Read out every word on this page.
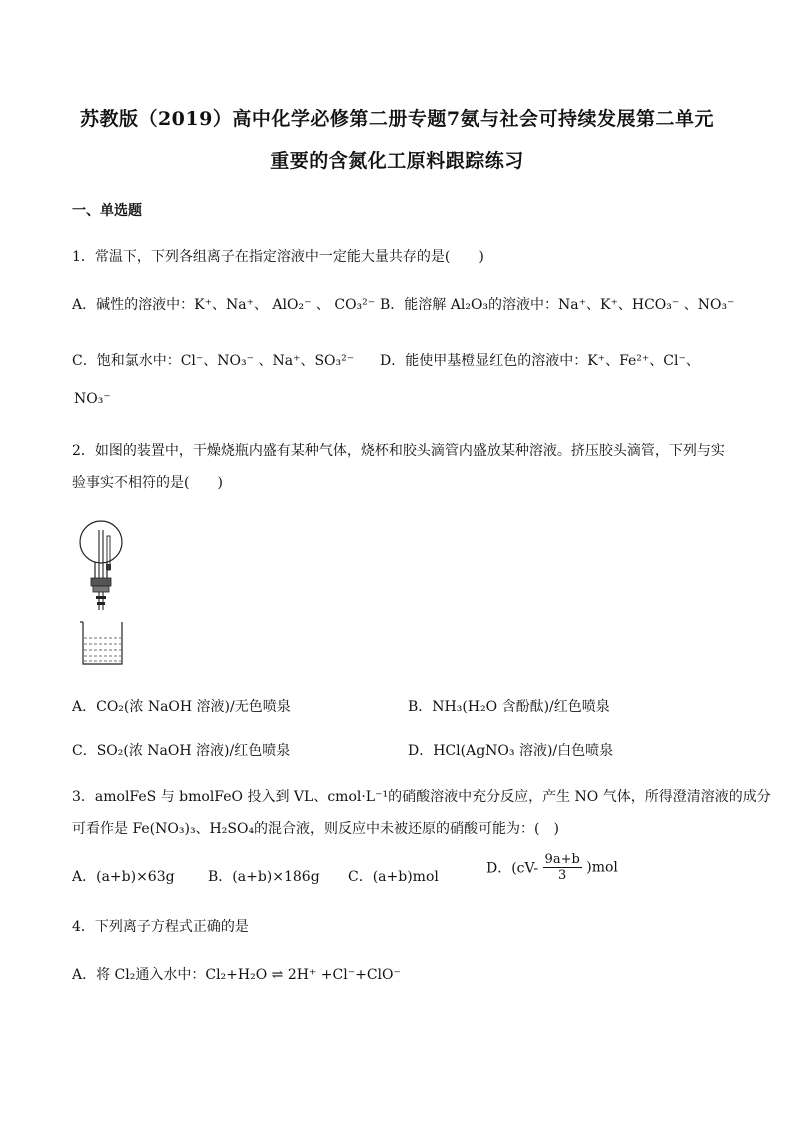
苏教版（2019）高中化学必修第二册专题7氨与社会可持续发展第二单元
重要的含氮化工原料跟踪练习
一、单选题
1．常温下，下列各组离子在指定溶液中一定能大量共存的是(　　)
A．碱性的溶液中：K⁺、Na⁺、 AlO₂⁻ 、 CO₃²⁻ B．能溶解 Al₂O₃的溶液中：Na⁺、K⁺、HCO₃⁻ 、NO₃⁻
C．饱和氯水中：Cl⁻、NO₃⁻ 、Na⁺、SO₃²⁻ D．能使甲基橙显红色的溶液中：K⁺、Fe²⁺、Cl⁻、
NO₃⁻
2．如图的装置中，干燥烧瓶内盛有某种气体，烧杯和胶头滴管内盛放某种溶液。挤压胶头滴管，下列与实
验事实不相符的是(　　)
A．CO₂(浓 NaOH 溶液)/无色喷泉	B．NH₃(H₂O 含酚酞)/红色喷泉
C．SO₂(浓 NaOH 溶液)/红色喷泉	D．HCl(AgNO₃ 溶液)/白色喷泉
3．amolFeS 与 bmolFeO 投入到 VL、cmol·L⁻¹的硝酸溶液中充分反应，产生 NO 气体，所得澄清溶液的成分
可看作是 Fe(NO₃)₃、H₂SO₄的混合液，则反应中未被还原的硝酸可能为：(　)
A．(a+b)×63g B．(a+b)×186g C．(a+b)mol
D．$(cV- \frac{9a+b}{3} )mol$
4．下列离子方程式正确的是
A．将 Cl₂通入水中：Cl₂+H₂O ⇌ 2H⁺ +Cl⁻+ClO⁻
